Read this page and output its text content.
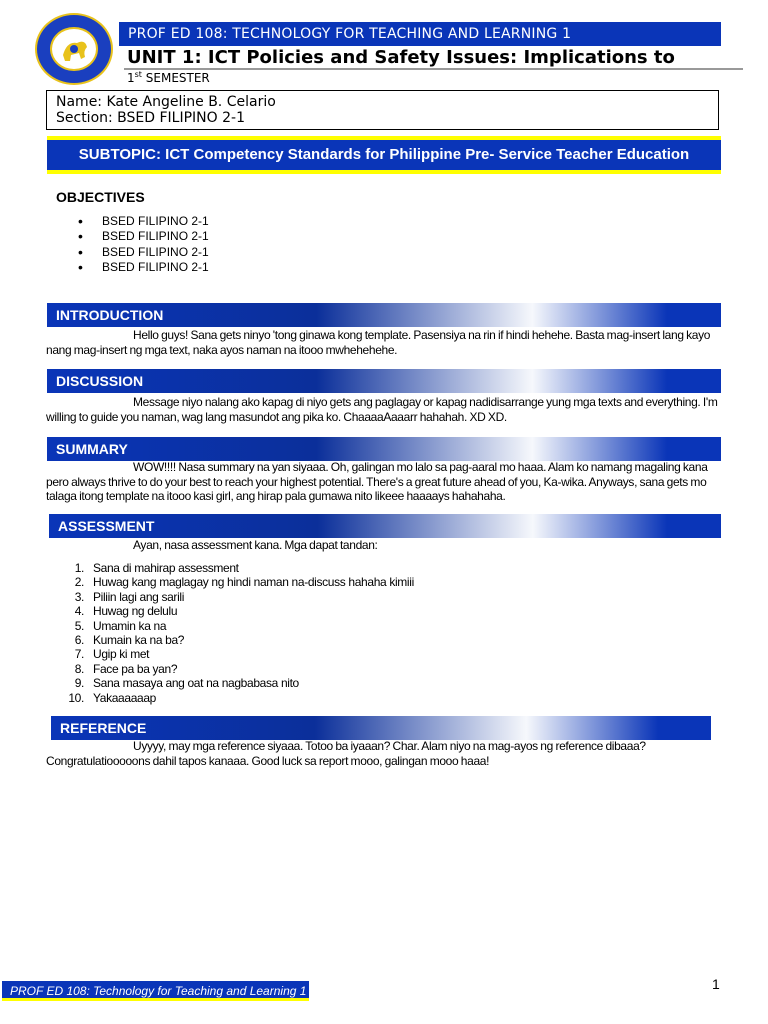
PROF ED 108: TECHNOLOGY FOR TEACHING AND LEARNING 1
UNIT 1: ICT Policies and Safety Issues: Implications to
1st SEMESTER
Name: Kate Angeline B. Celario
Section: BSED FILIPINO 2-1
SUBTOPIC: ICT Competency Standards for Philippine Pre- Service Teacher Education
OBJECTIVES
• BSED FILIPINO 2-1
• BSED FILIPINO 2-1
• BSED FILIPINO 2-1
• BSED FILIPINO 2-1
INTRODUCTION
Hello guys! Sana gets ninyo 'tong ginawa kong template. Pasensiya na rin if hindi hehehe. Basta mag-insert lang kayo nang mag-insert ng mga text, naka ayos naman na itooo mwhehehehe.
DISCUSSION
Message niyo nalang ako kapag di niyo gets ang paglagay or kapag nadidisarrange yung mga texts and everything. I'm willing to guide you naman, wag lang masundot ang pika ko. ChaaaaAaaarr hahahah. XD XD.
SUMMARY
WOW!!!! Nasa summary na yan siyaaa. Oh, galingan mo lalo sa pag-aaral mo haaa. Alam ko namang magaling kana pero always thrive to do your best to reach your highest potential. There's a great future ahead of you, Ka-wika. Anyways, sana gets mo talaga itong template na itooo kasi girl, ang hirap pala gumawa nito likeee haaaays hahahaha.
ASSESSMENT
Ayan, nasa assessment kana. Mga dapat tandan:
1. Sana di mahirap assessment
2. Huwag kang maglagay ng hindi naman na-discuss hahaha kimiii
3. Piliin lagi ang sarili
4. Huwag ng delulu
5. Umamin ka na
6. Kumain ka na ba?
7. Ugip ki met
8. Face pa ba yan?
9. Sana masaya ang oat na nagbabasa nito
10. Yakaaaaaap
REFERENCE
Uyyyy, may mga reference siyaaa. Totoo ba iyaaan? Char. Alam niyo na mag-ayos ng reference dibaaa? Congratulatiooooons dahil tapos kanaaa. Good luck sa report mooo, galingan mooo haaa!
PROF ED 108: Technology for Teaching and Learning 1	1
